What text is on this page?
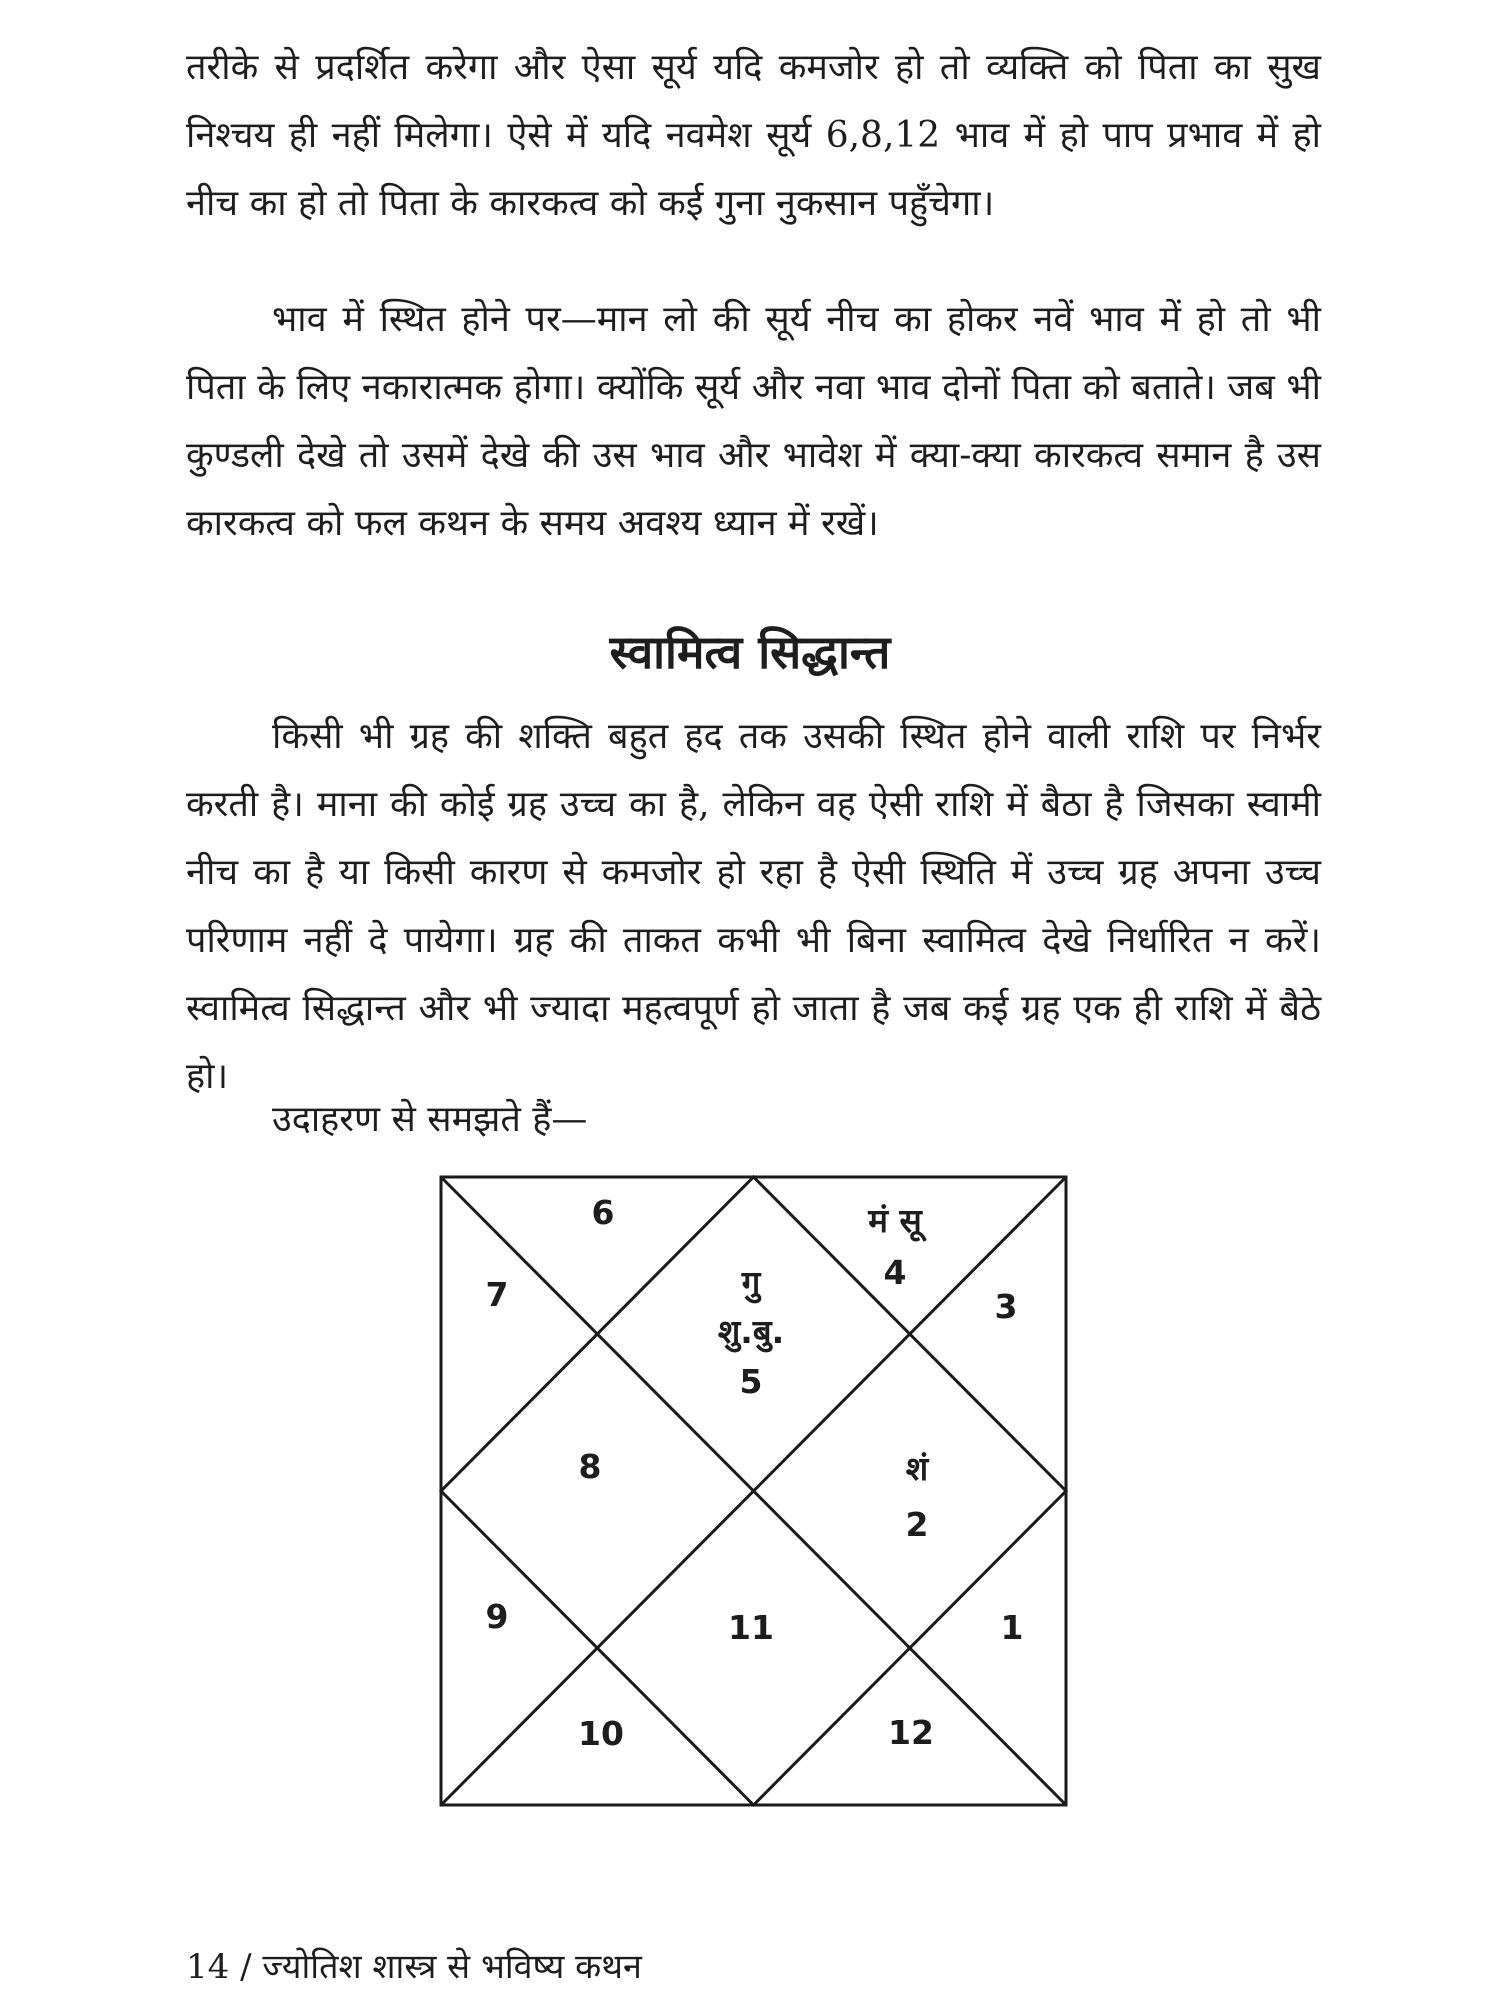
तरीके से प्रदर्शित करेगा और ऐसा सूर्य यदि कमजोर हो तो व्यक्ति को पिता का सुख निश्चय ही नहीं मिलेगा। ऐसे में यदि नवमेश सूर्य 6,8,12 भाव में हो पाप प्रभाव में हो नीच का हो तो पिता के कारकत्व को कई गुना नुकसान पहुँचेगा।

भाव में स्थित होने पर—मान लो की सूर्य नीच का होकर नवें भाव में हो तो भी पिता के लिए नकारात्मक होगा। क्योंकि सूर्य और नवा भाव दोनों पिता को बताते। जब भी कुण्डली देखे तो उसमें देखे की उस भाव और भावेश में क्या-क्या कारकत्व समान है उस कारकत्व को फल कथन के समय अवश्य ध्यान में रखें।

स्वामित्व सिद्धान्त

किसी भी ग्रह की शक्ति बहुत हद तक उसकी स्थित होने वाली राशि पर निर्भर करती है। माना की कोई ग्रह उच्च का है, लेकिन वह ऐसी राशि में बैठा है जिसका स्वामी नीच का है या किसी कारण से कमजोर हो रहा है ऐसी स्थिति में उच्च ग्रह अपना उच्च परिणाम नहीं दे पायेगा। ग्रह की ताकत कभी भी बिना स्वामित्व देखे निर्धारित न करें। स्वामित्व सिद्धान्त और भी ज्यादा महत्वपूर्ण हो जाता है जब कई ग्रह एक ही राशि में बैठे हो।

उदाहरण से समझते हैं—

6	मं सू
4
7	3
गु
शु.बु.
5
8	शं
2
9	11	1
10	12

14 / ज्योतिश शास्त्र से भविष्य कथन
